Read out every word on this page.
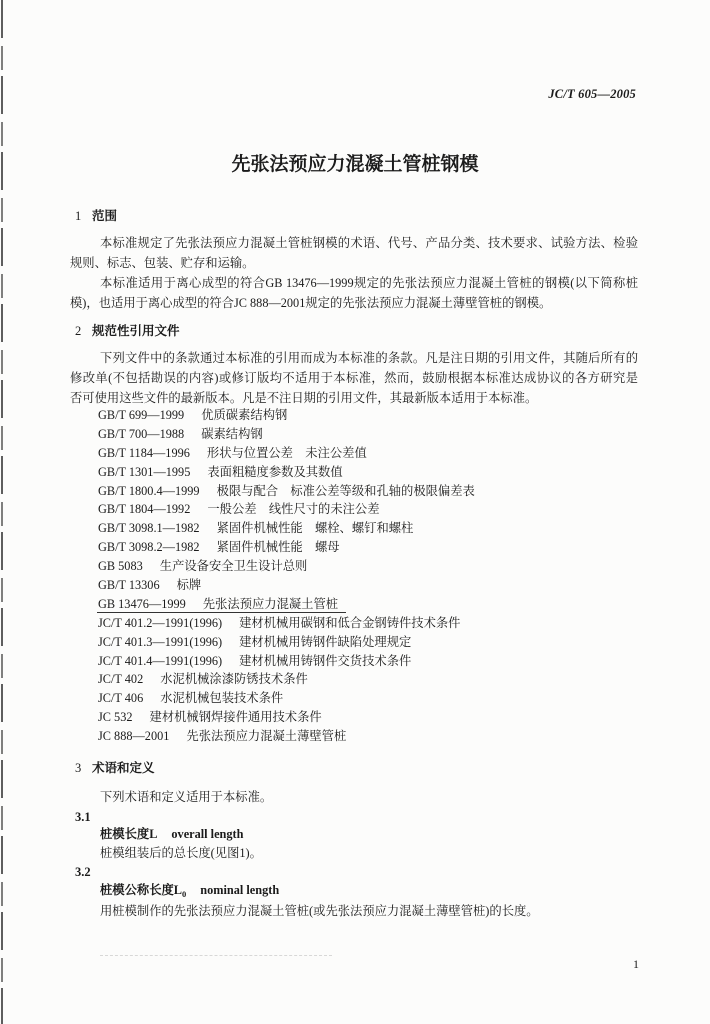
JC/T 605—2005
先张法预应力混凝土管桩钢模
1 范围
本标准规定了先张法预应力混凝土管桩钢模的术语、代号、产品分类、技术要求、试验方法、检验
规则、标志、包装、贮存和运输。
本标准适用于离心成型的符合GB 13476—1999规定的先张法预应力混凝土管桩的钢模(以下简称桩
模)，也适用于离心成型的符合JC 888—2001规定的先张法预应力混凝土薄壁管桩的钢模。
2 规范性引用文件
下列文件中的条款通过本标准的引用而成为本标准的条款。凡是注日期的引用文件，其随后所有的
修改单(不包括勘误的内容)或修订版均不适用于本标准，然而，鼓励根据本标准达成协议的各方研究是
否可使用这些文件的最新版本。凡是不注日期的引用文件，其最新版本适用于本标准。
GB/T 699—1999 优质碳素结构钢
GB/T 700—1988 碳素结构钢
GB/T 1184—1996 形状与位置公差　未注公差值
GB/T 1301—1995 表面粗糙度参数及其数值
GB/T 1800.4—1999 极限与配合　标准公差等级和孔轴的极限偏差表
GB/T 1804—1992 一般公差　线性尺寸的未注公差
GB/T 3098.1—1982 紧固件机械性能　螺栓、螺钉和螺柱
GB/T 3098.2—1982 紧固件机械性能　螺母
GB 5083 生产设备安全卫生设计总则
GB/T 13306 标牌
GB 13476—1999 先张法预应力混凝土管桩
JC/T 401.2—1991(1996) 建材机械用碳钢和低合金钢铸件技术条件
JC/T 401.3—1991(1996) 建材机械用铸钢件缺陷处理规定
JC/T 401.4—1991(1996) 建材机械用铸钢件交货技术条件
JC/T 402 水泥机械涂漆防锈技术条件
JC/T 406 水泥机械包装技术条件
JC 532 建材机械钢焊接件通用技术条件
JC 888—2001 先张法预应力混凝土薄壁管桩
3 术语和定义
下列术语和定义适用于本标准。
3.1
桩模长度L overall length
桩模组装后的总长度(见图1)。
3.2
桩模公称长度$L_0$ nominal length
用桩模制作的先张法预应力混凝土管桩(或先张法预应力混凝土薄壁管桩)的长度。
1
